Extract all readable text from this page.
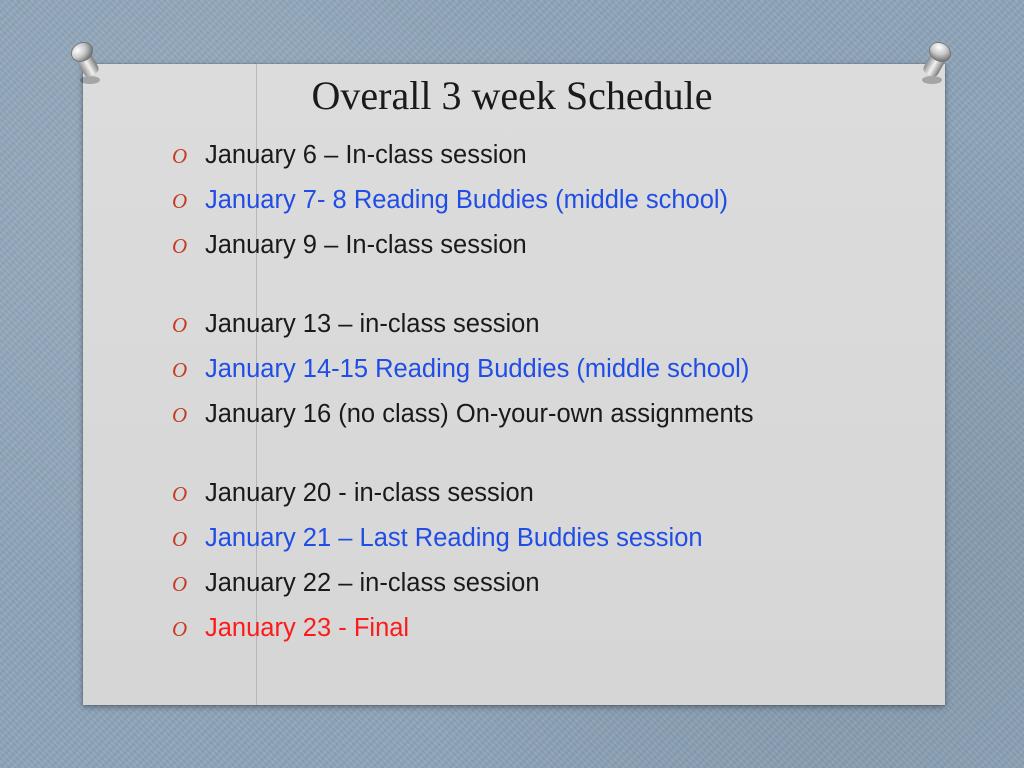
Overall 3 week Schedule
O January 6 – In-class session
O January 7- 8 Reading Buddies (middle school)
O January 9 – In-class session
O January 13 – in-class session
O January 14-15 Reading Buddies (middle school)
O January 16 (no class) On-your-own assignments
O January 20 - in-class session
O January 21 – Last Reading Buddies session
O January 22 – in-class session
O January 23 - Final
